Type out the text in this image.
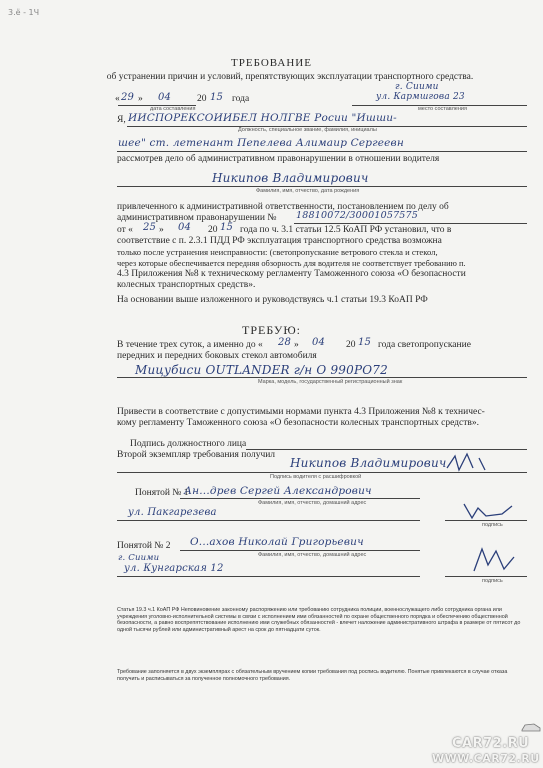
3.ё - 1Ч
ТРЕБОВАНИЕ
об устранении причин и условий, препятствующих эксплуатации транспортного средства.
г. Сиими
« 29 » 04	20 15 года	ул. Кармшгова 23
дата составления	место составления
Я, ИИСПОРЕКСОИИБЕЛ НОЛГВЕ Росии "Ишши-
Должность, специальное звание, фамилия, инициалы
шее" ст. летенант Пепелева Алимаир Сергеевн
рассмотрев дело об административном правонарушении в отношении водителя
Никипов Владимирович
Фамилия, имя, отчество, дата рождения
привлеченного к административной ответственности, постановлением по делу об
административном правонарушении № 18810072/30001057575
от « 25 » 04 20 15 года по ч. 3.1 статьи 12.5 КоАП РФ установил, что в
соответствие с п. 2.3.1 ПДД РФ эксплуатация транспортного средства возможна
только после устранения неисправности: (светопропускание ветрового стекла и стекол,
через которые обеспечивается передняя обзорность для водителя не соответствует требованию п.
4.3 Приложения №8 к техническому регламенту Таможенного союза «О безопасности
колесных транспортных средств».
На основании выше изложенного и руководствуясь ч.1 статьи 19.3 КоАП РФ
ТРЕБУЮ:
В течение трех суток, а именно до « 28 » 04 20 15 года светопропускание
передних и передних боковых стекол автомобиля
Мицубиси OUTLANDER г/н О 990РО72
Марка, модель, государственный регистрационный знак
Привести в соответствие с допустимыми нормами пункта 4.3 Приложения №8 к техничес-
кому регламенту Таможенного союза «О безопасности колесных транспортных средств».
Подпись должностного лица
Второй экземпляр требования получил
Никипов Владимирович
Подпись водителя с расшифровкой
Понятой № 1
Ан...древ Сергей Александрович
Фамилия, имя, отчество, домашний адрес
ул. Пакгарезева
подпись
Понятой № 2 О...ахов Николай Григорьевич
Фамилия, имя, отчество, домашний адрес
г. Сиими
ул. Кунгарская 12
подпись
Статья 19.3 ч.1 КоАП РФ Неповиновение законному распоряжению или требованию сотрудника полиции, военнослужащего либо сотрудника органа или учреждения уголовно-исполнительной системы в связи с исполнением ими обязанностей по охране общественного порядка и обеспечению общественной безопасности, а равно воспрепятствование исполнению ими служебных обязанностей - влечет наложение административного штрафа в размере от пятисот до одной тысячи рублей или административный арест на срок до пятнадцати суток.
Требование заполняется в двух экземплярах с обязательным вручением копии требования под роспись водителю. Понятые привлекаются в случае отказа получить и расписываться за полученное полномочного требования.
CAR72.RU
WWW.CAR72.RU
